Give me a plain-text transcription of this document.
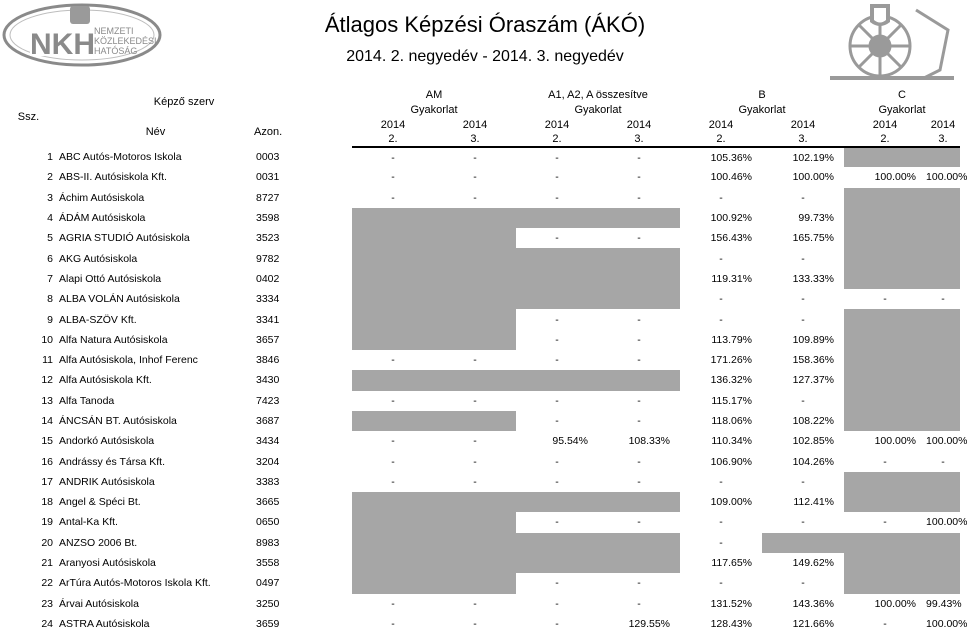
NKH NEMZETI
KÖZLEKEDÉSI
HATÓSÁG
Átlagos Képzési Óraszám (ÁKÓ)
2014. 2. negyedév - 2014. 3. negyedév
Ssz.	Képző szerv			AM		A1, A2, A összesítve		B		C	
				Gyakorlat		Gyakorlat		Gyakorlat		Gyakorlat	
	Név	Azon.		2014	2014	2014	2014	2014	2014	2014	2014
				2.	3.	2.	3.	2.	3.	2.	3.
1	ABC Autós-Motoros Iskola	0003		-	-	-	-	105.36%	102.19%		
2	ABS-II. Autósiskola Kft.	0031		-	-	-	-	100.46%	100.00%	100.00%	100.00%
3	Áchim Autósiskola	8727		-	-	-	-	-	-		
4	ÁDÁM Autósiskola	3598						100.92%	99.73%		
5	AGRIA STUDIÓ Autósiskola	3523				-	-	156.43%	165.75%		
6	AKG Autósiskola	9782						-	-		
7	Alapi Ottó Autósiskola	0402						119.31%	133.33%		
8	ALBA VOLÁN Autósiskola	3334						-	-	-	-
9	ALBA-SZÖV Kft.	3341				-	-	-	-		
10	Alfa Natura Autósiskola	3657				-	-	113.79%	109.89%		
11	Alfa Autósiskola, Inhof Ferenc	3846		-	-	-	-	171.26%	158.36%		
12	Alfa Autósiskola Kft.	3430						136.32%	127.37%		
13	Alfa Tanoda	7423		-	-	-	-	115.17%	-		
14	ÁNCSÁN BT. Autósiskola	3687				-	-	118.06%	108.22%		
15	Andorkó Autósiskola	3434		-	-	95.54%	108.33%	110.34%	102.85%	100.00%	100.00%
16	Andrássy és Társa Kft.	3204		-	-	-	-	106.90%	104.26%	-	-
17	ANDRIK Autósiskola	3383		-	-	-	-	-	-		
18	Angel & Spéci Bt.	3665						109.00%	112.41%		
19	Antal-Ka Kft.	0650				-	-	-	-	-	100.00%
20	ANZSO 2006 Bt.	8983						-			
21	Aranyosi Autósiskola	3558						117.65%	149.62%		
22	ArTúra Autós-Motoros Iskola Kft.	0497				-	-	-	-		
23	Árvai Autósiskola	3250		-	-	-	-	131.52%	143.36%	100.00%	99.43%
24	ASTRA Autósiskola	3659		-	-	-	129.55%	128.43%	121.66%	-	100.00%
